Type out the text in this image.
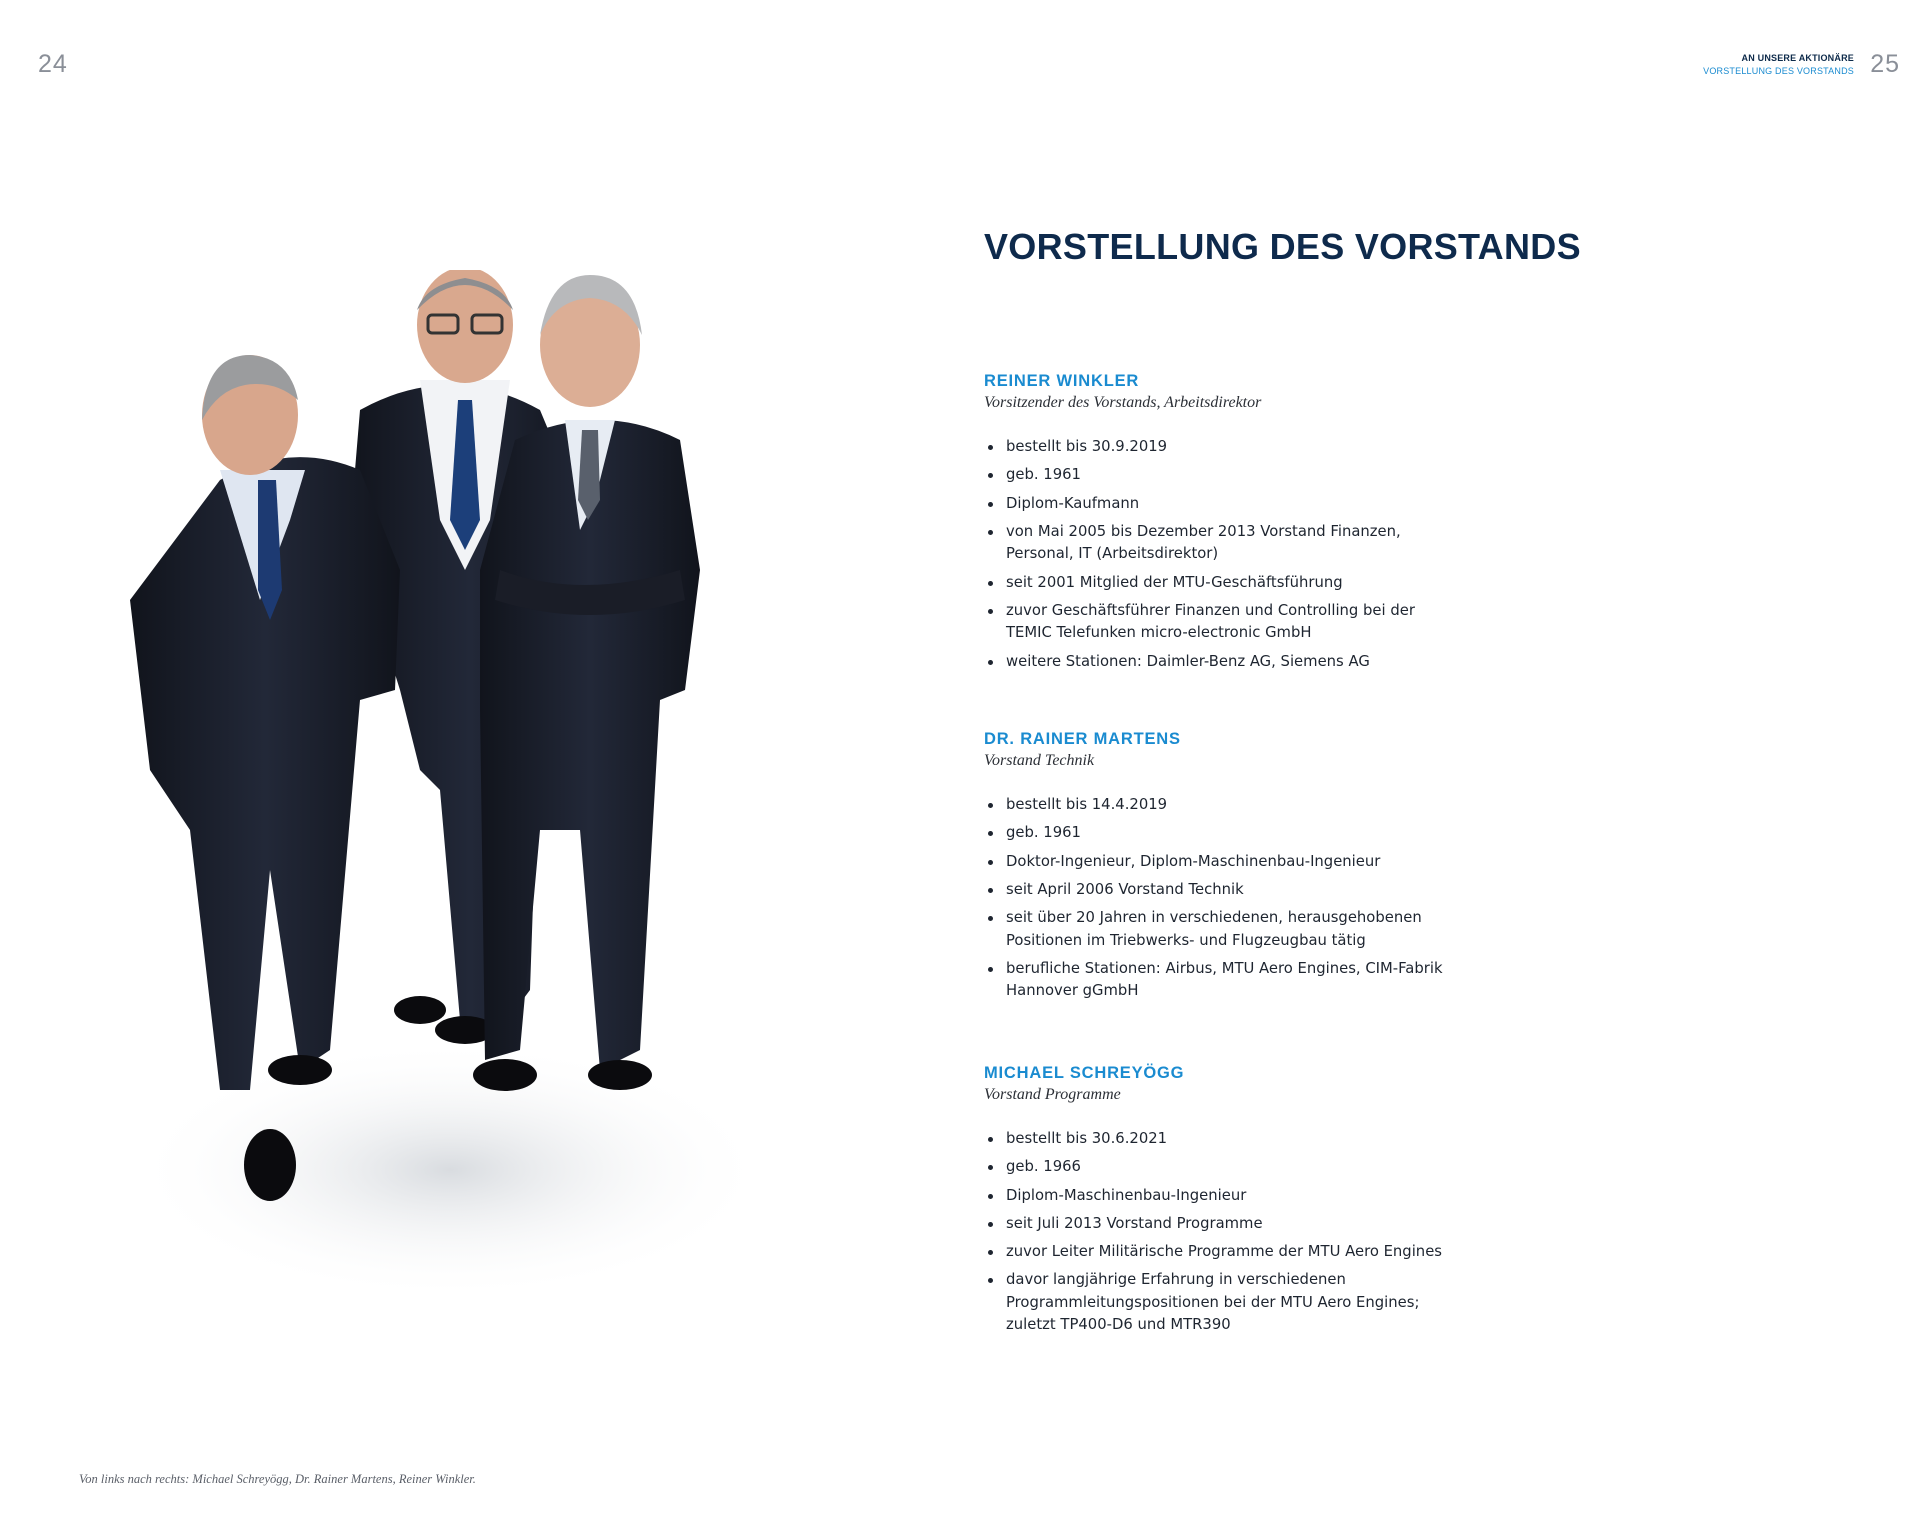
24	25
AN UNSERE AKTIONÄRE
VORSTELLUNG DES VORSTANDS
Von links nach rechts: Michael Schreyögg, Dr. Rainer Martens, Reiner Winkler.
VORSTELLUNG DES VORSTANDS

REINER WINKLER

Vorsitzender des Vorstands, Arbeitsdirektor

bestellt bis 30.9.2019
geb. 1961
Diplom-Kaufmann
von Mai 2005 bis Dezember 2013 Vorstand Finanzen, Personal, IT (Arbeitsdirektor)
seit 2001 Mitglied der MTU-Geschäftsführung
zuvor Geschäftsführer Finanzen und Controlling bei der TEMIC Telefunken micro-electronic GmbH
weitere Stationen: Daimler-Benz AG, Siemens AG

DR. RAINER MARTENS

Vorstand Technik

bestellt bis 14.4.2019
geb. 1961
Doktor-Ingenieur, Diplom-Maschinenbau-Ingenieur
seit April 2006 Vorstand Technik
seit über 20 Jahren in verschiedenen, herausgehobenen Positionen im Triebwerks- und Flugzeugbau tätig
berufliche Stationen: Airbus, MTU Aero Engines, CIM-Fabrik Hannover gGmbH

MICHAEL SCHREYÖGG

Vorstand Programme

bestellt bis 30.6.2021
geb. 1966
Diplom-Maschinenbau-Ingenieur
seit Juli 2013 Vorstand Programme
zuvor Leiter Militärische Programme der MTU Aero Engines
davor langjährige Erfahrung in verschiedenen Programmleitungspositionen bei der MTU Aero Engines; zuletzt TP400-D6 und MTR390
